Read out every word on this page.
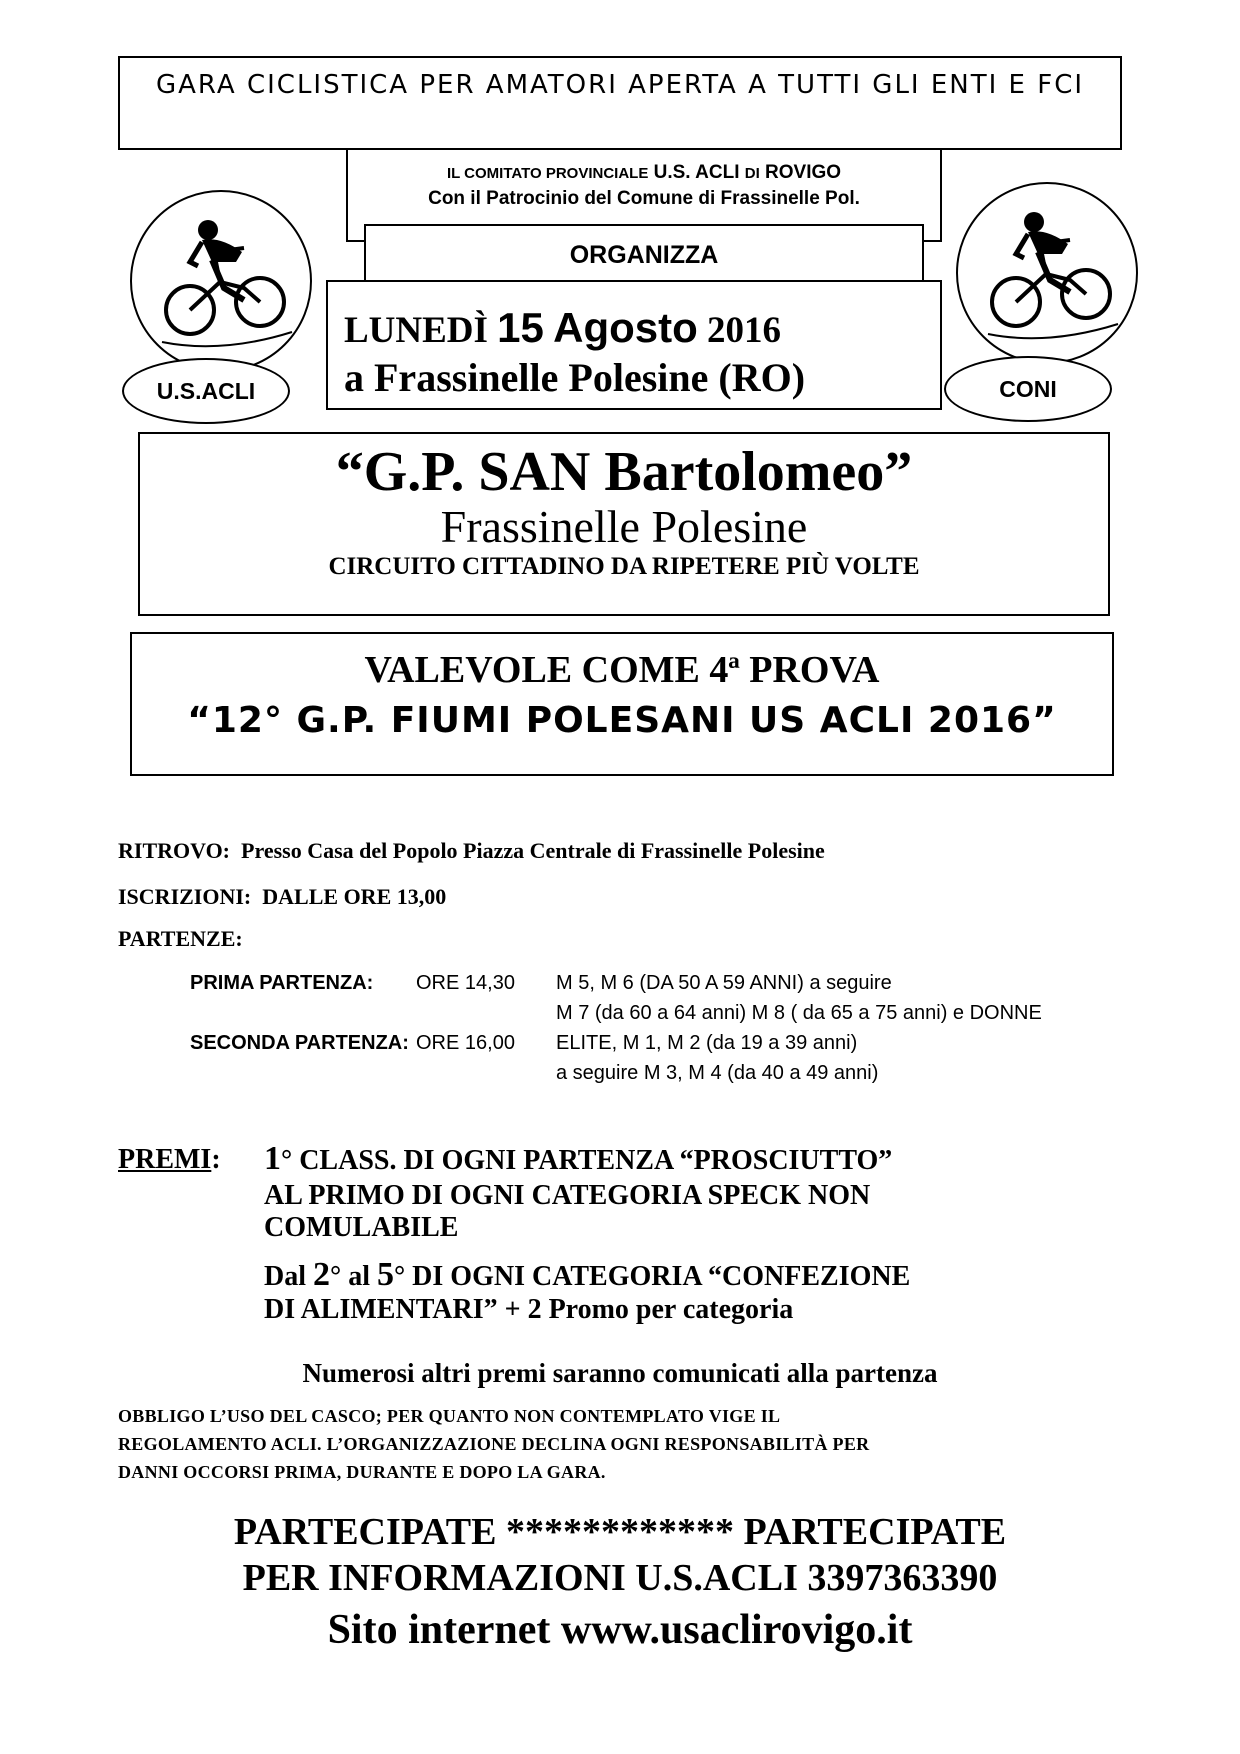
GARA CICLISTICA PER AMATORI APERTA A TUTTI GLI ENTI E FCI
IL COMITATO PROVINCIALE U.S. ACLI DI ROVIGO
Con il Patrocinio del Comune di Frassinelle Pol.
ORGANIZZA
U.S.ACLI	CONI
LUNEDÌ 15 Agosto 2016
a Frassinelle Polesine (RO)
“G.P. SAN Bartolomeo”
Frassinelle Polesine
CIRCUITO CITTADINO DA RIPETERE PIÙ VOLTE
VALEVOLE COME 4ª PROVA
“12° G.P. FIUMI POLESANI US ACLI 2016”
RITROVO: Presso Casa del Popolo Piazza Centrale di Frassinelle Polesine
ISCRIZIONI: DALLE ORE 13,00
PARTENZE:
PRIMA PARTENZA: ORE 14,30 M 5, M 6 (DA 50 A 59 ANNI) a seguire
M 7 (da 60 a 64 anni) M 8 ( da 65 a 75 anni) e DONNE
SECONDA PARTENZA: ORE 16,00 ELITE, M 1, M 2 (da 19 a 39 anni)
a seguire M 3, M 4 (da 40 a 49 anni)
PREMI: 1° CLASS. DI OGNI PARTENZA “PROSCIUTTO”
AL PRIMO DI OGNI CATEGORIA SPECK NON
COMULABILE
Dal 2° al 5° DI OGNI CATEGORIA “CONFEZIONE
DI ALIMENTARI” + 2 Promo per categoria
Numerosi altri premi saranno comunicati alla partenza
OBBLIGO L’USO DEL CASCO; PER QUANTO NON CONTEMPLATO VIGE IL
REGOLAMENTO ACLI. L’ORGANIZZAZIONE DECLINA OGNI RESPONSABILITÀ PER
DANNI OCCORSI PRIMA, DURANTE E DOPO LA GARA.
PARTECIPATE ************ PARTECIPATE
PER INFORMAZIONI U.S.ACLI 3397363390
Sito internet www.usaclirovigo.it
